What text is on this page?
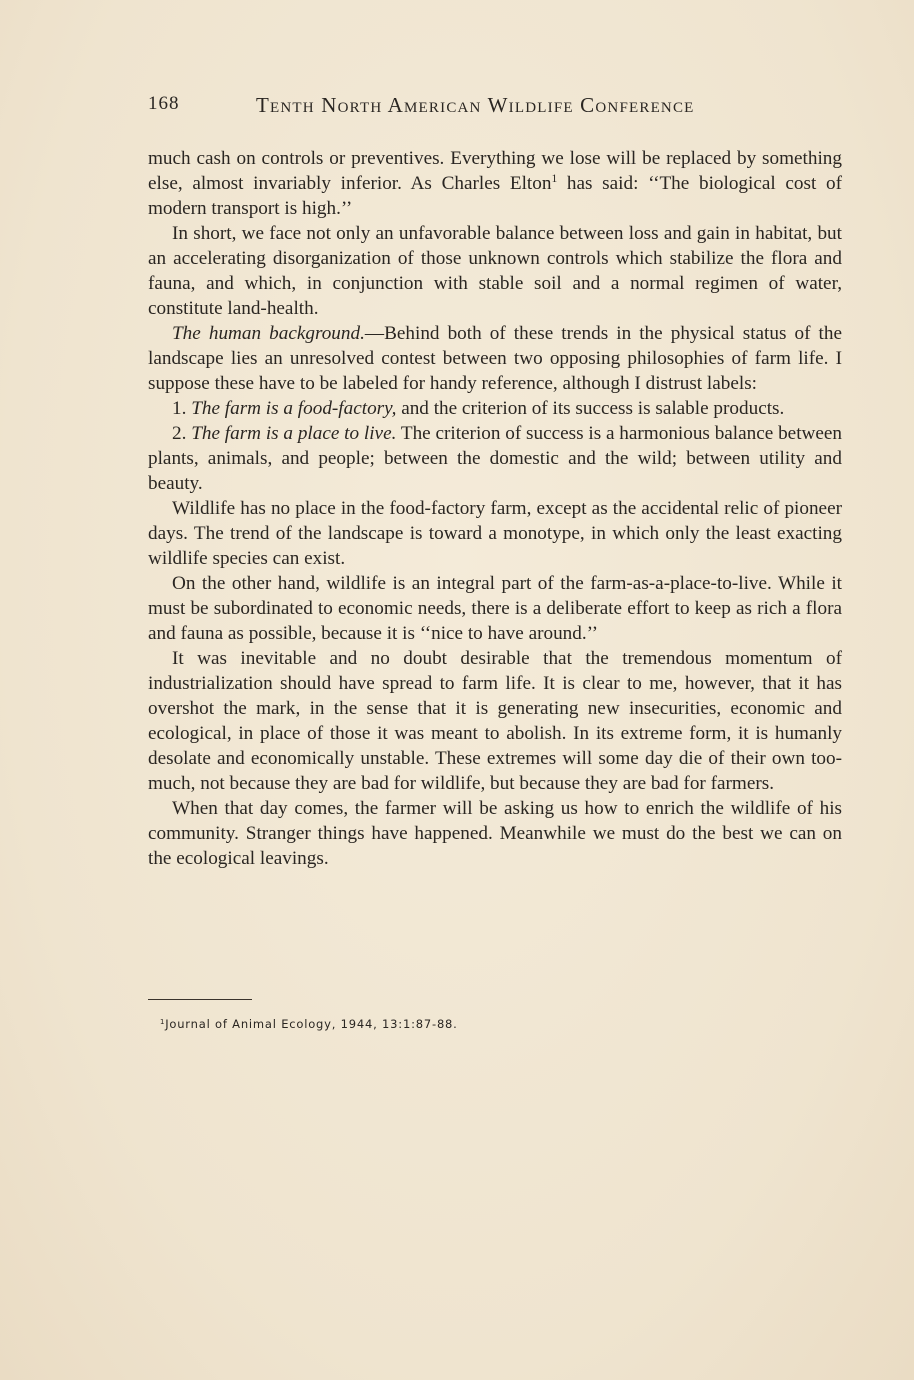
168	Tenth North American Wildlife Conference

much cash on controls or preventives. Everything we lose will be replaced by something else, almost invariably inferior. As Charles Elton$^1$ has said: ‘‘The biological cost of modern transport is high.’’

In short, we face not only an unfavorable balance between loss and gain in habitat, but an accelerating disorganization of those unknown controls which stabilize the flora and fauna, and which, in conjunction with stable soil and a normal regimen of water, constitute land-health.

The human background.—Behind both of these trends in the physical status of the landscape lies an unresolved contest between two opposing philosophies of farm life. I suppose these have to be labeled for handy reference, although I distrust labels:

1. The farm is a food-factory, and the criterion of its success is salable products.

2. The farm is a place to live. The criterion of success is a harmonious balance between plants, animals, and people; between the domestic and the wild; between utility and beauty.

Wildlife has no place in the food-factory farm, except as the accidental relic of pioneer days. The trend of the landscape is toward a monotype, in which only the least exacting wildlife species can exist.

On the other hand, wildlife is an integral part of the farm-as-a-place-to-live. While it must be subordinated to economic needs, there is a deliberate effort to keep as rich a flora and fauna as possible, because it is ‘‘nice to have around.’’

It was inevitable and no doubt desirable that the tremendous momentum of industrialization should have spread to farm life. It is clear to me, however, that it has overshot the mark, in the sense that it is generating new insecurities, economic and ecological, in place of those it was meant to abolish. In its extreme form, it is humanly desolate and economically unstable. These extremes will some day die of their own too-much, not because they are bad for wildlife, but because they are bad for farmers.

When that day comes, the farmer will be asking us how to enrich the wildlife of his community. Stranger things have happened. Meanwhile we must do the best we can on the ecological leavings.

$^1$Journal of Animal Ecology, 1944, 13:1:87-88.
